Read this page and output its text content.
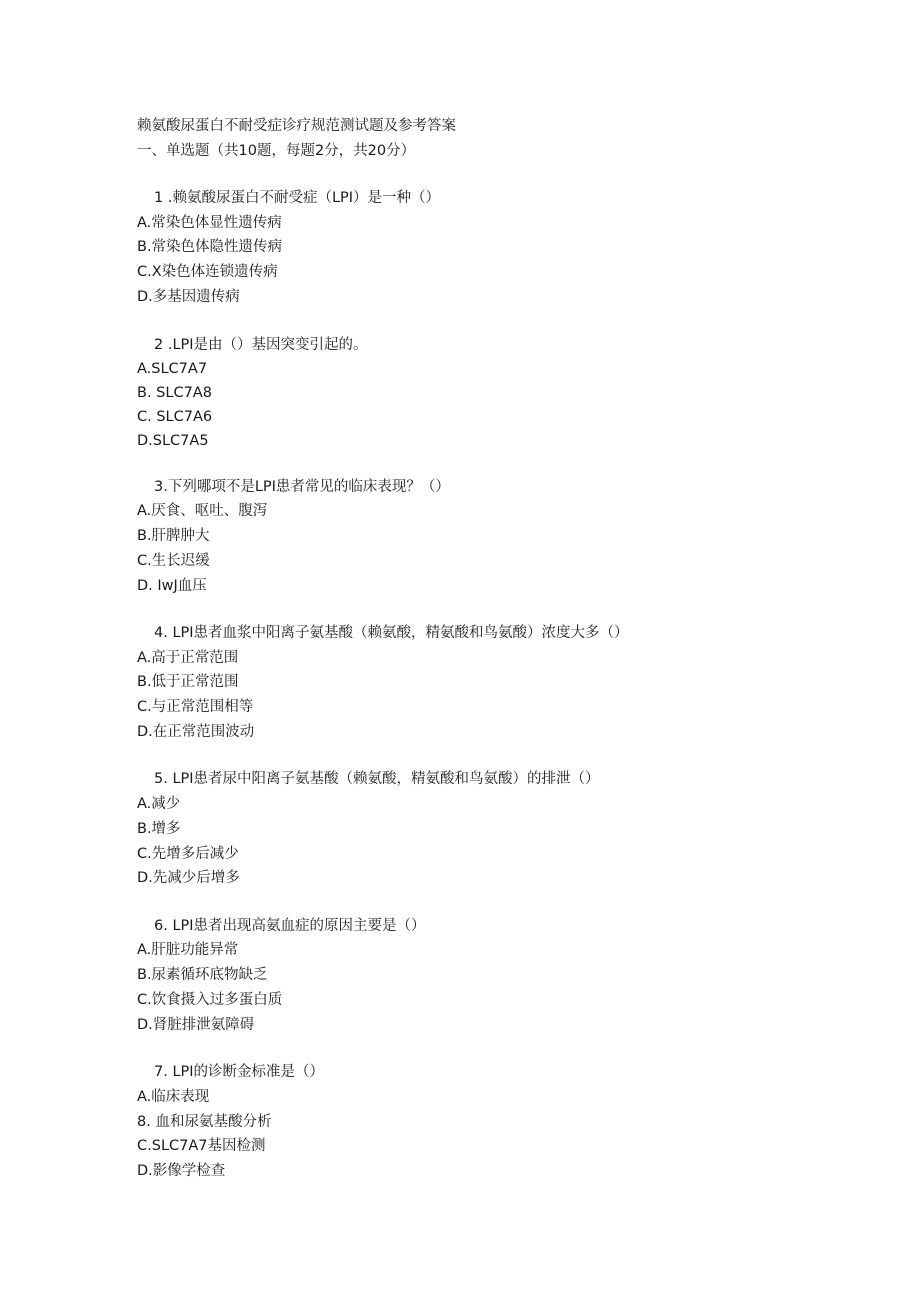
赖氨酸尿蛋白不耐受症诊疗规范测试题及参考答案
一、单选题（共10题，每题2分，共20分）
1 .赖氨酸尿蛋白不耐受症（LPI）是一种（）
A.常染色体显性遗传病
B.常染色体隐性遗传病
C.X染色体连锁遗传病
D.多基因遗传病
2 .LPI是由（）基因突变引起的。
A.SLC7A7
B. SLC7A8
C. SLC7A6
D.SLC7A5
3.下列哪项不是LPI患者常见的临床表现？（）
A.厌食、呕吐、腹泻
B.肝脾肿大
C.生长迟缓
D. IwJ血压
4. LPI患者血浆中阳离子氨基酸（赖氨酸，精氨酸和鸟氨酸）浓度大多（）
A.高于正常范围
B.低于正常范围
C.与正常范围相等
D.在正常范围波动
5. LPI患者尿中阳离子氨基酸（赖氨酸，精氨酸和鸟氨酸）的排泄（）
A.减少
B.增多
C.先增多后减少
D.先减少后增多
6. LPI患者出现高氨血症的原因主要是（）
A.肝脏功能异常
B.尿素循环底物缺乏
C.饮食摄入过多蛋白质
D.肾脏排泄氨障碍
7. LPI的诊断金标准是（）
A.临床表现
8. 血和尿氨基酸分析
C.SLC7A7基因检测
D.影像学检查
